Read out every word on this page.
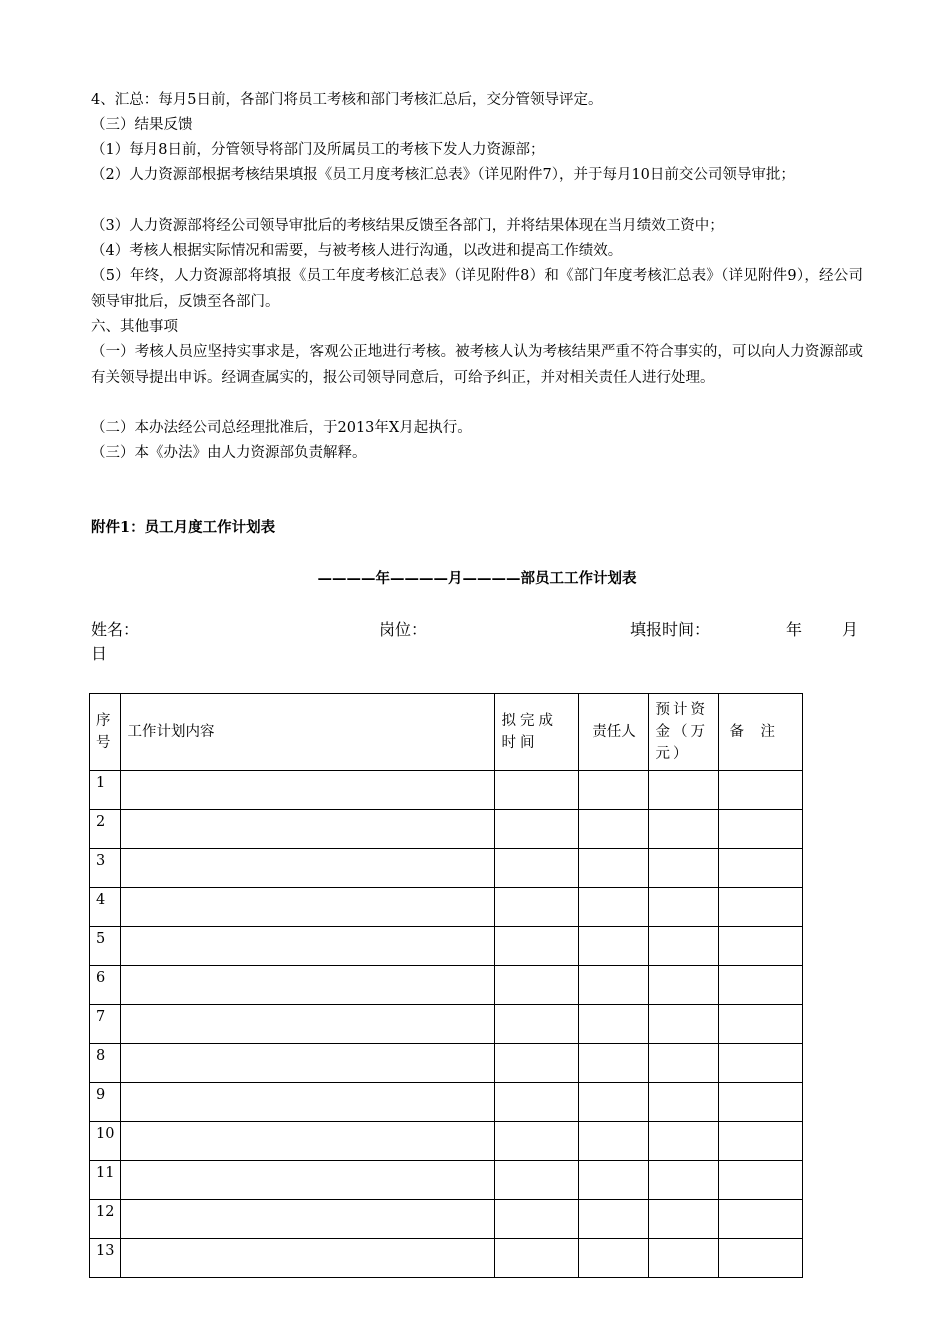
4、汇总：每月5日前，各部门将员工考核和部门考核汇总后，交分管领导评定。

（三）结果反馈

（1）每月8日前，分管领导将部门及所属员工的考核下发人力资源部；

（2）人力资源部根据考核结果填报《员工月度考核汇总表》（详见附件7），并于每月10日前交公司领导审批；

（3）人力资源部将经公司领导审批后的考核结果反馈至各部门，并将结果体现在当月绩效工资中；

（4）考核人根据实际情况和需要，与被考核人进行沟通，以改进和提高工作绩效。

（5）年终，人力资源部将填报《员工年度考核汇总表》（详见附件8）和《部门年度考核汇总表》（详见附件9），经公司领导审批后，反馈至各部门。

六、其他事项

（一）考核人员应坚持实事求是，客观公正地进行考核。被考核人认为考核结果严重不符合事实的，可以向人力资源部或有关领导提出申诉。经调查属实的，报公司领导同意后，可给予纠正，并对相关责任人进行处理。

（二）本办法经公司总经理批准后，于2013年X月起执行。

（三）本《办法》由人力资源部负责解释。

附件1：员工月度工作计划表
————年————月————部员工工作计划表
姓名：	岗位：	填报时间：	年 月
日
序号	工作计划内容	拟完成时间	责任人	预计资金（万元）	备 注
1					
2					
3					
4					
5					
6					
7					
8					
9					
10					
11					
12					
13					
